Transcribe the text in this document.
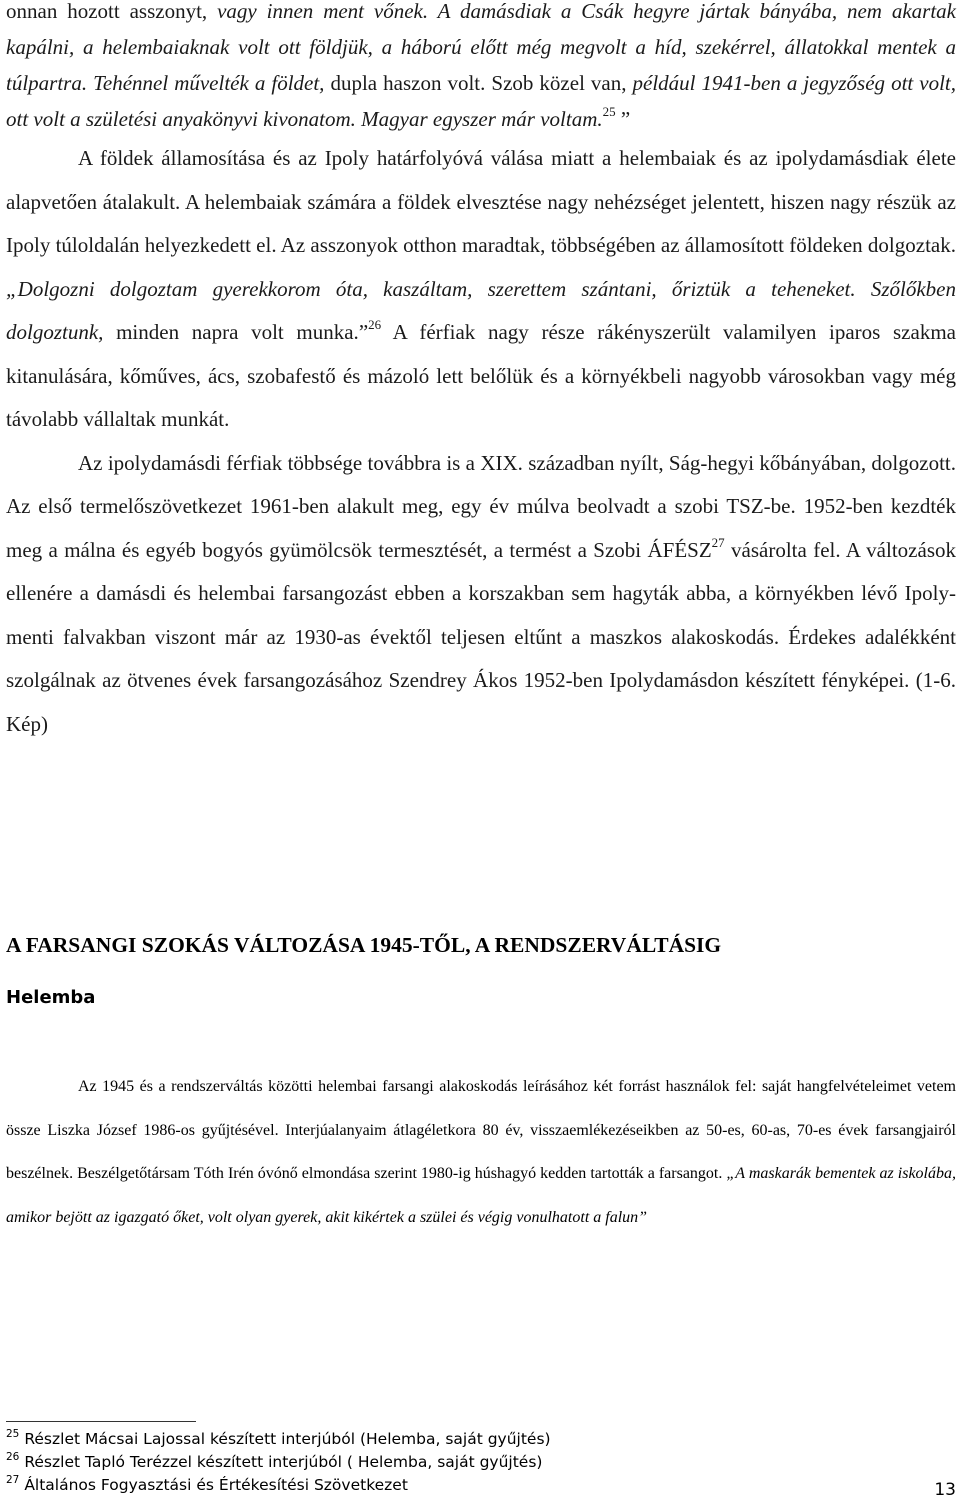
onnan hozott asszonyt, vagy innen ment vőnek. A damásdiak a Csák hegyre jártak bányába, nem akartak kapálni, a helembaiaknak volt ott földjük, a háború előtt még megvolt a híd, szekérrel, állatokkal mentek a túlpartra. Tehénnel művelték a földet, dupla haszon volt. Szob közel van, például 1941-ben a jegyzőség ott volt, ott volt a születési anyakönyvi kivonatom. Magyar egyszer már voltam.$^{25}$ ”

A földek államosítása és az Ipoly határfolyóvá válása miatt a helembaiak és az ipolydamásdiak élete alapvetően átalakult. A helembaiak számára a földek elvesztése nagy nehézséget jelentett, hiszen nagy részük az Ipoly túloldalán helyezkedett el. Az asszonyok otthon maradtak, többségében az államosított földeken dolgoztak. „Dolgozni dolgoztam gyerekkorom óta, kaszáltam, szerettem szántani, őriztük a teheneket. Szőlőkben dolgoztunk, minden napra volt munka.”$^{26}$ A férfiak nagy része rákényszerült valamilyen iparos szakma kitanulására, kőműves, ács, szobafestő és mázoló lett belőlük és a környékbeli nagyobb városokban vagy még távolabb vállaltak munkát.

Az ipolydamásdi férfiak többsége továbbra is a XIX. században nyílt, Ság-hegyi kőbányában, dolgozott. Az első termelőszövetkezet 1961-ben alakult meg, egy év múlva beolvadt a szobi TSZ-be. 1952-ben kezdték meg a málna és egyéb bogyós gyümölcsök termesztését, a termést a Szobi ÁFÉSZ$^{27}$ vásárolta fel. A változások ellenére a damásdi és helembai farsangozást ebben a korszakban sem hagyták abba, a környékben lévő Ipoly-menti falvakban viszont már az 1930-as évektől teljesen eltűnt a maszkos alakoskodás. Érdekes adalékként szolgálnak az ötvenes évek farsangozásához Szendrey Ákos 1952-ben Ipolydamásdon készített fényképei. (1-6. Kép)

A FARSANGI SZOKÁS VÁLTOZÁSA 1945-TŐL, A RENDSZERVÁLTÁSIG
Helemba

Az 1945 és a rendszerváltás közötti helembai farsangi alakoskodás leírásához két forrást használok fel: saját hangfelvételeimet vetem össze Liszka József 1986-os gyűjtésével. Interjúalanyaim átlagéletkora 80 év, visszaemlékezéseikben az 50-es, 60-as, 70-es évek farsangjairól beszélnek. Beszélgetőtársam Tóth Irén óvónő elmondása szerint 1980-ig húshagyó kedden tartották a farsangot. „A maskarák bementek az iskolába, amikor bejött az igazgató őket, volt olyan gyerek, akit kikértek a szülei és végig vonulhatott a falun”

$^{25}$ Részlet Mácsai Lajossal készített interjúból (Helemba, saját gyűjtés)
$^{26}$ Részlet Tapló Terézzel készített interjúból ( Helemba, saját gyűjtés)
$^{27}$ Általános Fogyasztási és Értékesítési Szövetkezet	13
